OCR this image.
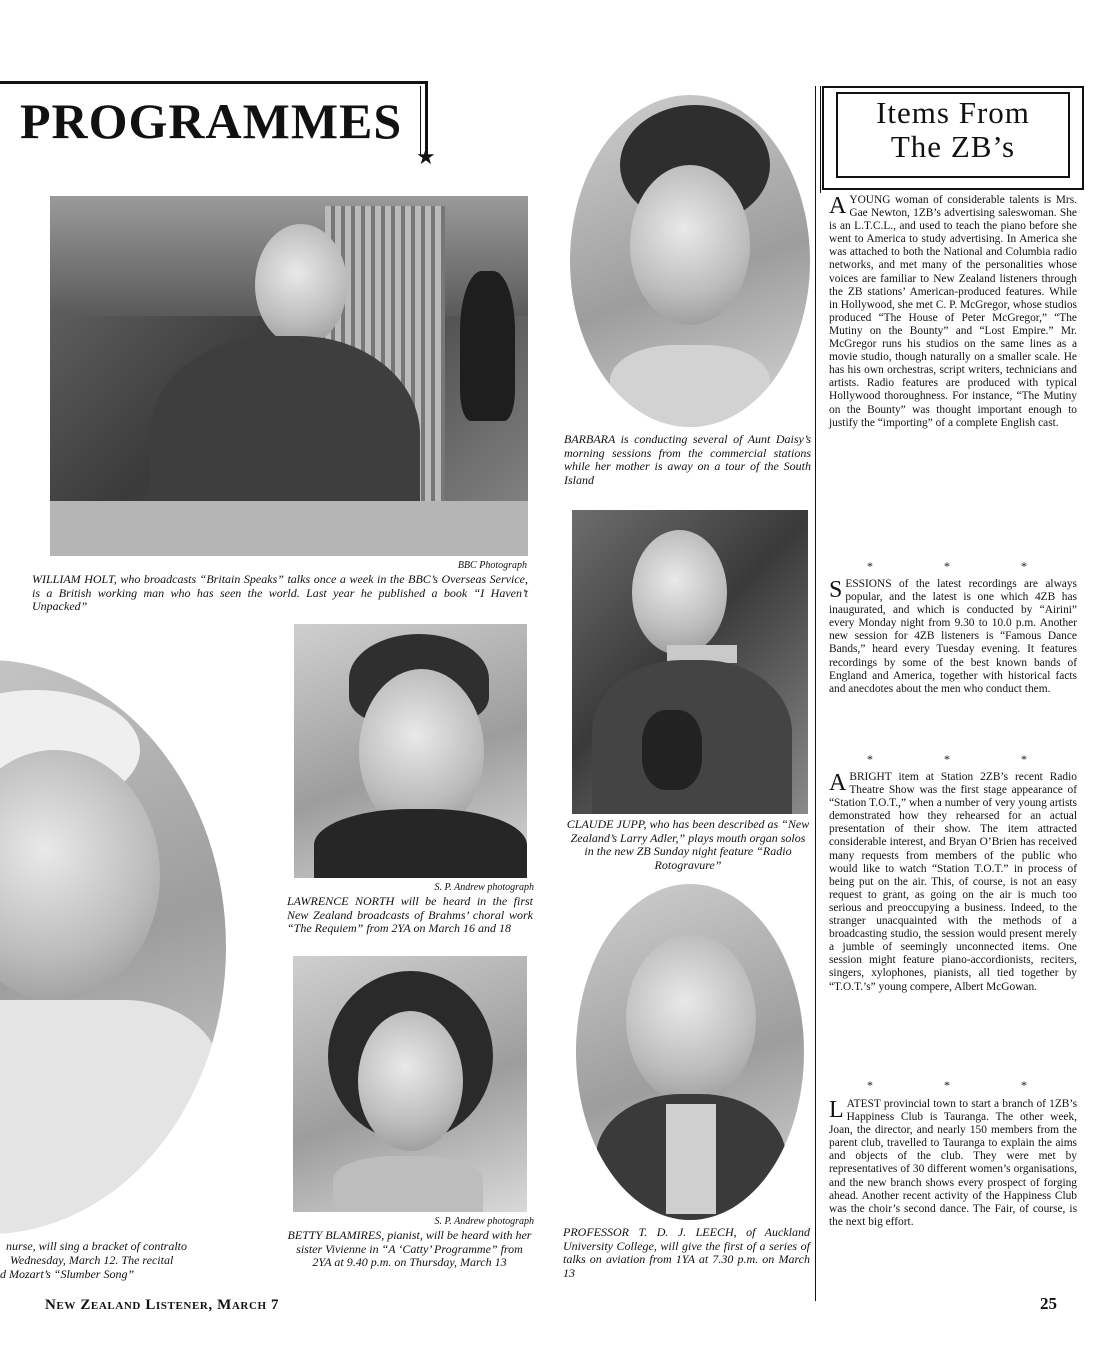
PROGRAMMES
★
BBC Photograph
WILLIAM HOLT, who broadcasts “Britain Speaks” talks once a week in the BBC’s Overseas Service, is a British working man who has seen the world. Last year he published a book “I Haven’t Unpacked”
BARBARA is conducting several of Aunt Daisy’s morning sessions from the commercial stations while her mother is away on a tour of the South Island
nurse, will sing a bracket of contralto
Wednesday, March 12. The recital
d Mozart’s “Slumber Song”
S. P. Andrew photograph
LAWRENCE NORTH will be heard in the first New Zealand broadcasts of Brahms’ choral work “The Requiem” from 2YA on March 16 and 18
CLAUDE JUPP, who has been described as “New Zealand’s Larry Adler,” plays mouth organ solos in the new ZB Sunday night feature “Radio Rotogravure”
S. P. Andrew photograph
BETTY BLAMIRES, pianist, will be heard with her sister Vivienne in “A ‘Catty’ Programme” from 2YA at 9.40 p.m. on Thursday, March 13
PROFESSOR T. D. J. LEECH, of Auckland University College, will give the first of a series of talks on aviation from 1YA at 7.30 p.m. on March 13
Items From
The ZB’s
AYOUNG woman of considerable talents is Mrs. Gae Newton, 1ZB’s advertising saleswoman. She is an L.T.C.L., and used to teach the piano before she went to America to study advertising. In America she was attached to both the National and Columbia radio networks, and met many of the personalities whose voices are familiar to New Zealand listeners through the ZB stations’ American-produced features. While in Hollywood, she met C. P. McGregor, whose studios produced “The House of Peter McGregor,” “The Mutiny on the Bounty” and “Lost Empire.” Mr. McGregor runs his studios on the same lines as a movie studio, though naturally on a smaller scale. He has his own orchestras, script writers, technicians and artists. Radio features are produced with typical Hollywood thoroughness. For instance, “The Mutiny on the Bounty” was thought important enough to justify the “importing” of a complete English cast.
* * *
SESSIONS of the latest recordings are always popular, and the latest is one which 4ZB has inaugurated, and which is conducted by “Airini” every Monday night from 9.30 to 10.0 p.m. Another new session for 4ZB listeners is “Famous Dance Bands,” heard every Tuesday evening. It features recordings by some of the best known bands of England and America, together with historical facts and anecdotes about the men who conduct them.
* * *
ABRIGHT item at Station 2ZB’s recent Radio Theatre Show was the first stage appearance of “Station T.O.T.,” when a number of very young artists demonstrated how they rehearsed for an actual presentation of their show. The item attracted considerable interest, and Bryan O’Brien has received many requests from members of the public who would like to watch “Station T.O.T.” in process of being put on the air. This, of course, is not an easy request to grant, as going on the air is much too serious and preoccupying a business. Indeed, to the stranger unacquainted with the methods of a broadcasting studio, the session would present merely a jumble of seemingly unconnected items. One session might feature piano-accordionists, reciters, singers, xylophones, pianists, all tied together by “T.O.T.’s” young compere, Albert McGowan.
* * *
LATEST provincial town to start a branch of 1ZB’s Happiness Club is Tauranga. The other week, Joan, the director, and nearly 150 members from the parent club, travelled to Tauranga to explain the aims and objects of the club. They were met by representatives of 30 different women’s organisations, and the new branch shows every prospect of forging ahead. Another recent activity of the Happiness Club was the choir’s second dance. The Fair, of course, is the next big effort.
New Zealand Listener, March 7	25
